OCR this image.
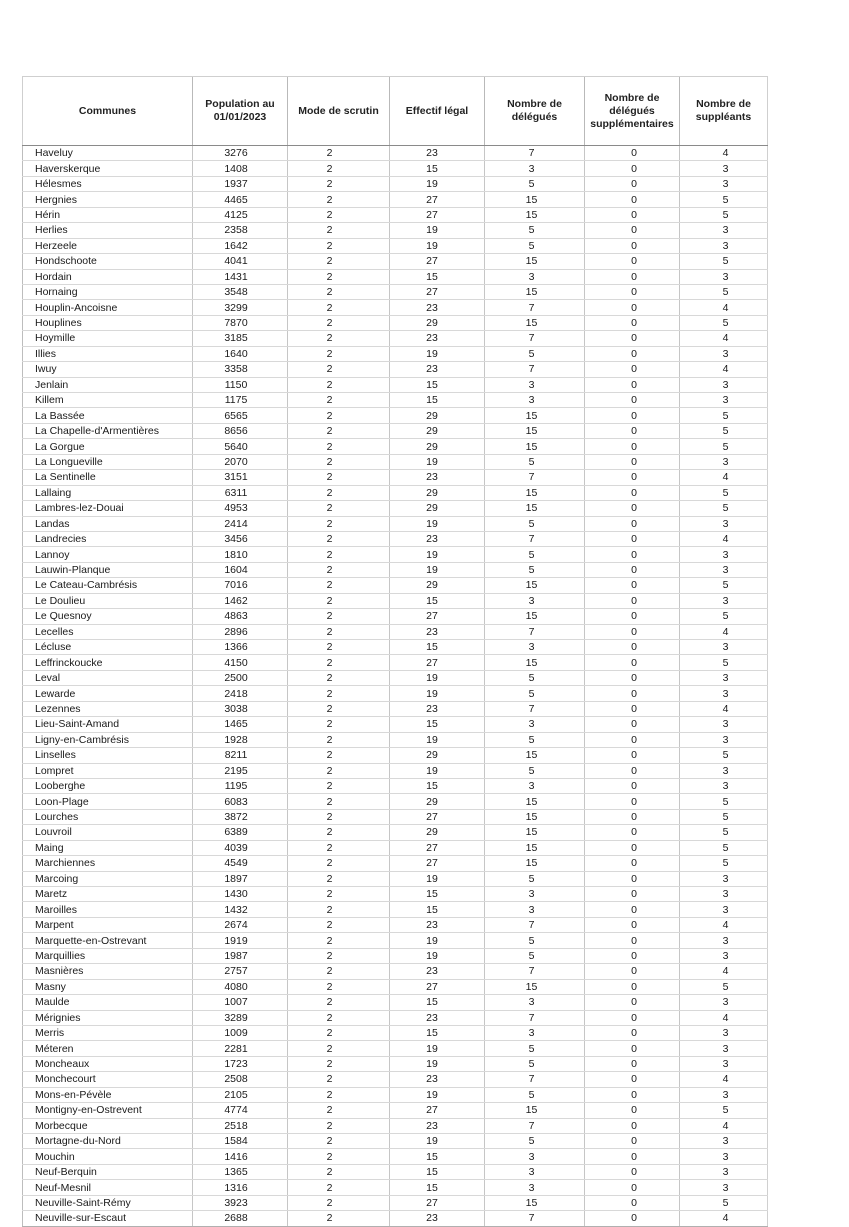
Communes	Population au 01/01/2023	Mode de scrutin	Effectif légal	Nombre de délégués	Nombre de délégués supplémentaires	Nombre de suppléants
Haveluy	3276	2	23	7	0	4
Haverskerque	1408	2	15	3	0	3
Hélesmes	1937	2	19	5	0	3
Hergnies	4465	2	27	15	0	5
Hérin	4125	2	27	15	0	5
Herlies	2358	2	19	5	0	3
Herzeele	1642	2	19	5	0	3
Hondschoote	4041	2	27	15	0	5
Hordain	1431	2	15	3	0	3
Hornaing	3548	2	27	15	0	5
Houplin-Ancoisne	3299	2	23	7	0	4
Houplines	7870	2	29	15	0	5
Hoymille	3185	2	23	7	0	4
Illies	1640	2	19	5	0	3
Iwuy	3358	2	23	7	0	4
Jenlain	1150	2	15	3	0	3
Killem	1175	2	15	3	0	3
La Bassée	6565	2	29	15	0	5
La Chapelle-d'Armentières	8656	2	29	15	0	5
La Gorgue	5640	2	29	15	0	5
La Longueville	2070	2	19	5	0	3
La Sentinelle	3151	2	23	7	0	4
Lallaing	6311	2	29	15	0	5
Lambres-lez-Douai	4953	2	29	15	0	5
Landas	2414	2	19	5	0	3
Landrecies	3456	2	23	7	0	4
Lannoy	1810	2	19	5	0	3
Lauwin-Planque	1604	2	19	5	0	3
Le Cateau-Cambrésis	7016	2	29	15	0	5
Le Doulieu	1462	2	15	3	0	3
Le Quesnoy	4863	2	27	15	0	5
Lecelles	2896	2	23	7	0	4
Lécluse	1366	2	15	3	0	3
Leffrinckoucke	4150	2	27	15	0	5
Leval	2500	2	19	5	0	3
Lewarde	2418	2	19	5	0	3
Lezennes	3038	2	23	7	0	4
Lieu-Saint-Amand	1465	2	15	3	0	3
Ligny-en-Cambrésis	1928	2	19	5	0	3
Linselles	8211	2	29	15	0	5
Lompret	2195	2	19	5	0	3
Looberghe	1195	2	15	3	0	3
Loon-Plage	6083	2	29	15	0	5
Lourches	3872	2	27	15	0	5
Louvroil	6389	2	29	15	0	5
Maing	4039	2	27	15	0	5
Marchiennes	4549	2	27	15	0	5
Marcoing	1897	2	19	5	0	3
Maretz	1430	2	15	3	0	3
Maroilles	1432	2	15	3	0	3
Marpent	2674	2	23	7	0	4
Marquette-en-Ostrevant	1919	2	19	5	0	3
Marquillies	1987	2	19	5	0	3
Masnières	2757	2	23	7	0	4
Masny	4080	2	27	15	0	5
Maulde	1007	2	15	3	0	3
Mérignies	3289	2	23	7	0	4
Merris	1009	2	15	3	0	3
Méteren	2281	2	19	5	0	3
Moncheaux	1723	2	19	5	0	3
Monchecourt	2508	2	23	7	0	4
Mons-en-Pévèle	2105	2	19	5	0	3
Montigny-en-Ostrevent	4774	2	27	15	0	5
Morbecque	2518	2	23	7	0	4
Mortagne-du-Nord	1584	2	19	5	0	3
Mouchin	1416	2	15	3	0	3
Neuf-Berquin	1365	2	15	3	0	3
Neuf-Mesnil	1316	2	15	3	0	3
Neuville-Saint-Rémy	3923	2	27	15	0	5
Neuville-sur-Escaut	2688	2	23	7	0	4
